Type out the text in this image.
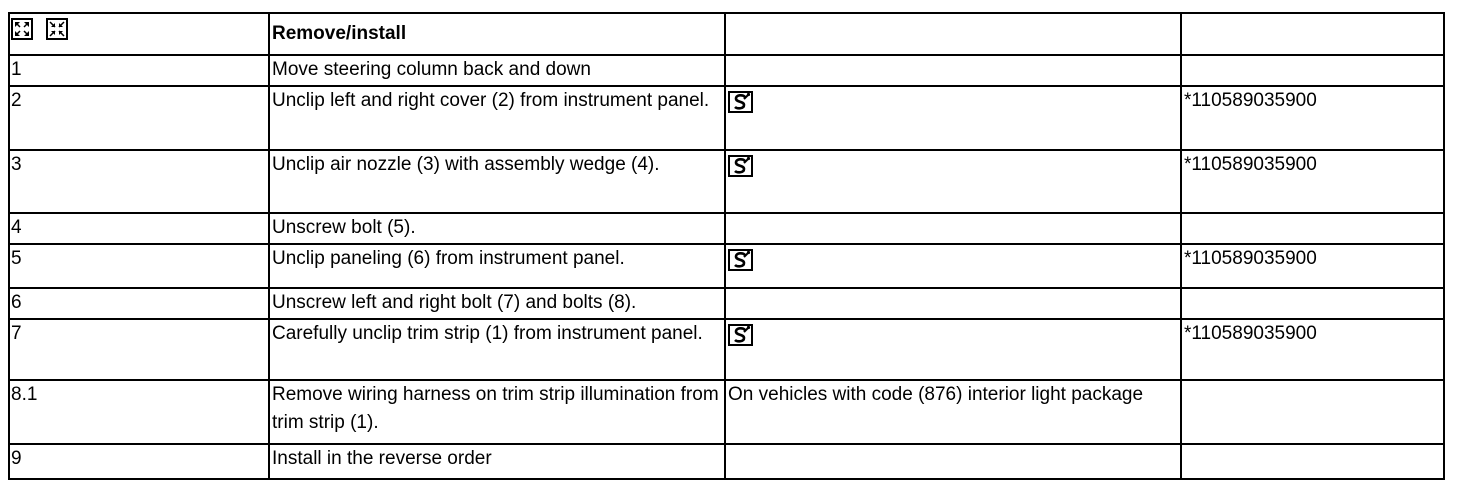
	Remove/install		
1	Move steering column back and down		
2	Unclip left and right cover (2) from instrument panel.		*110589035900
3	Unclip air nozzle (3) with assembly wedge (4).		*110589035900
4	Unscrew bolt (5).		
5	Unclip paneling (6) from instrument panel.		*110589035900
6	Unscrew left and right bolt (7) and bolts (8).		
7	Carefully unclip trim strip (1) from instrument panel.		*110589035900
8.1	Remove wiring harness on trim strip illumination from trim strip (1).	On vehicles with code (876) interior light package	
9	Install in the reverse order		
